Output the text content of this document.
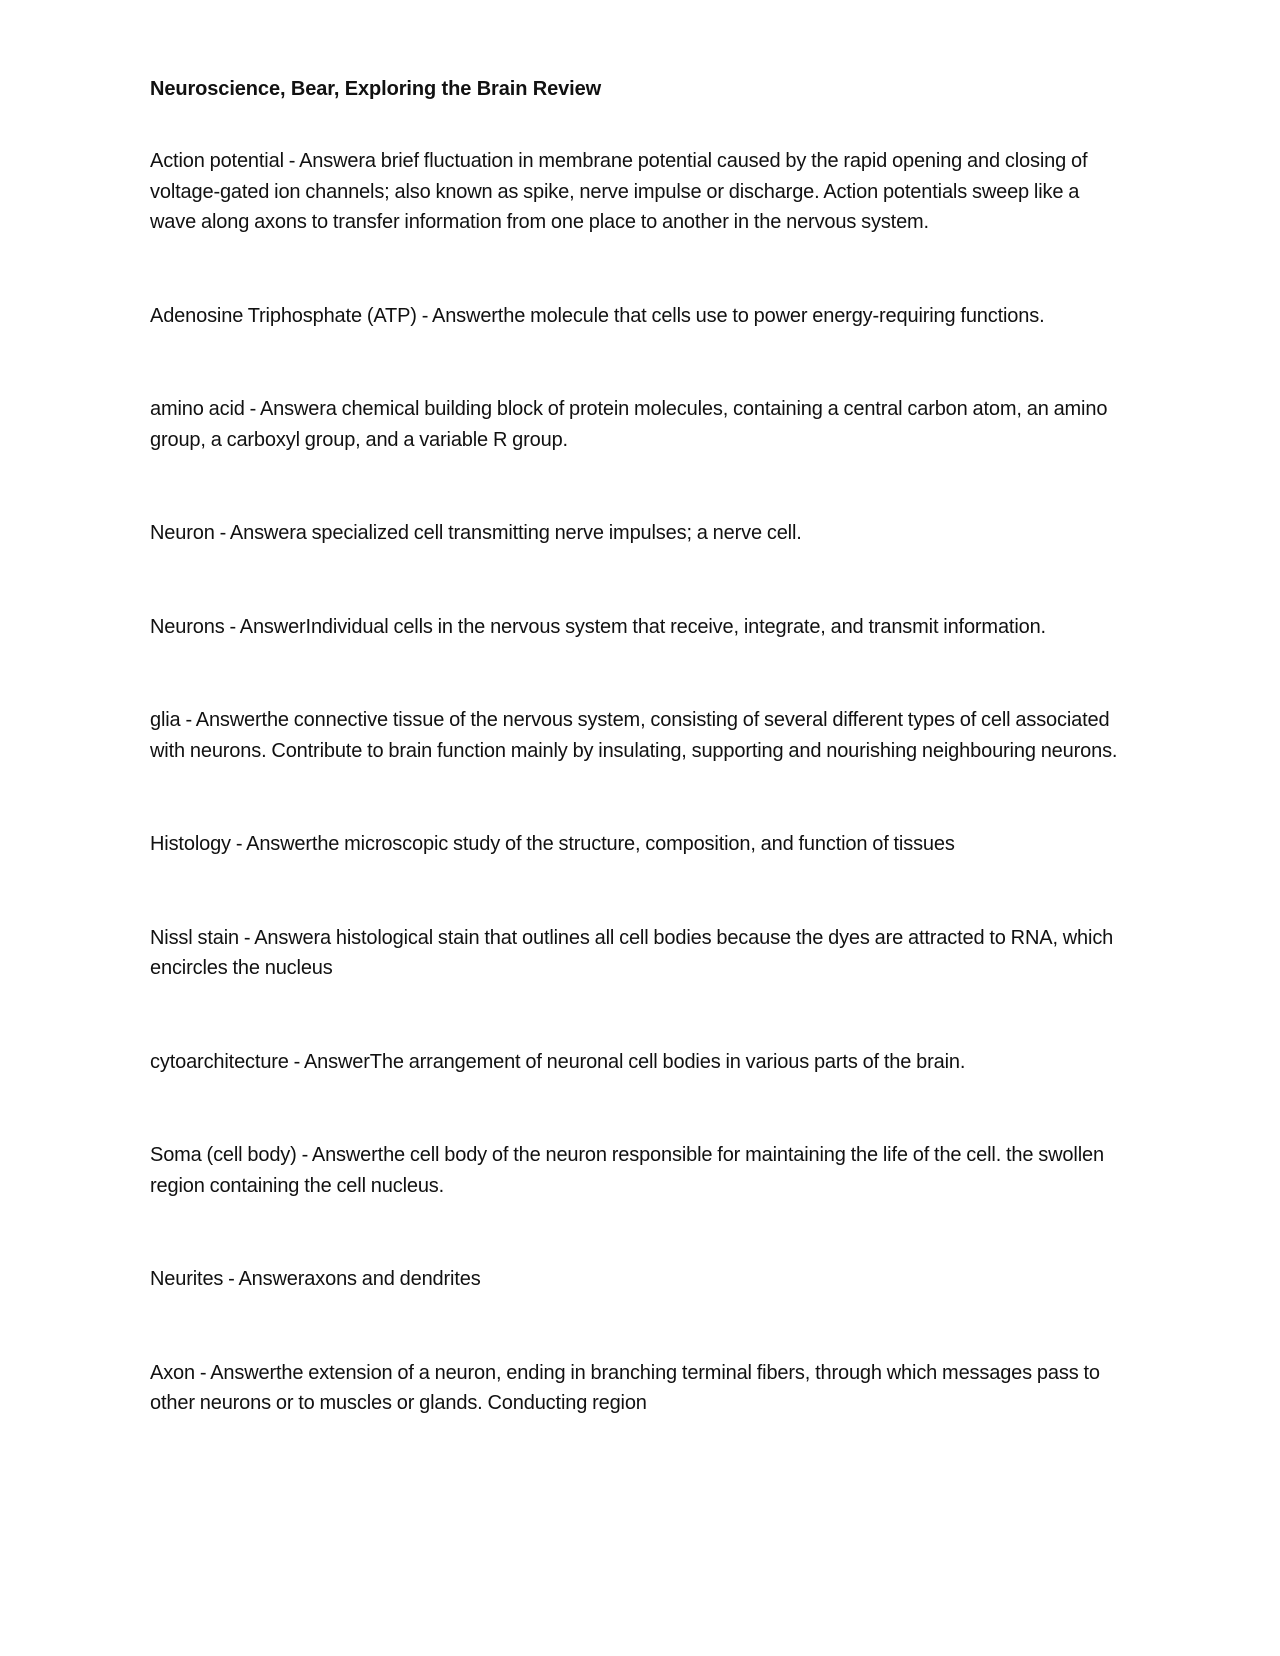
Neuroscience, Bear, Exploring the Brain Review

Action potential - Answera brief fluctuation in membrane potential caused by the rapid opening and closing of voltage-gated ion channels; also known as spike, nerve impulse or discharge. Action potentials sweep like a wave along axons to transfer information from one place to another in the nervous system.

Adenosine Triphosphate (ATP) - Answerthe molecule that cells use to power energy-requiring functions.

amino acid - Answera chemical building block of protein molecules, containing a central carbon atom, an amino group, a carboxyl group, and a variable R group.

Neuron - Answera specialized cell transmitting nerve impulses; a nerve cell.

Neurons - AnswerIndividual cells in the nervous system that receive, integrate, and transmit information.

glia - Answerthe connective tissue of the nervous system, consisting of several different types of cell associated with neurons. Contribute to brain function mainly by insulating, supporting and nourishing neighbouring neurons.

Histology - Answerthe microscopic study of the structure, composition, and function of tissues

Nissl stain - Answera histological stain that outlines all cell bodies because the dyes are attracted to RNA, which encircles the nucleus

cytoarchitecture - AnswerThe arrangement of neuronal cell bodies in various parts of the brain.

Soma (cell body) - Answerthe cell body of the neuron responsible for maintaining the life of the cell. the swollen region containing the cell nucleus.

Neurites - Answeraxons and dendrites

Axon - Answerthe extension of a neuron, ending in branching terminal fibers, through which messages pass to other neurons or to muscles or glands. Conducting region
